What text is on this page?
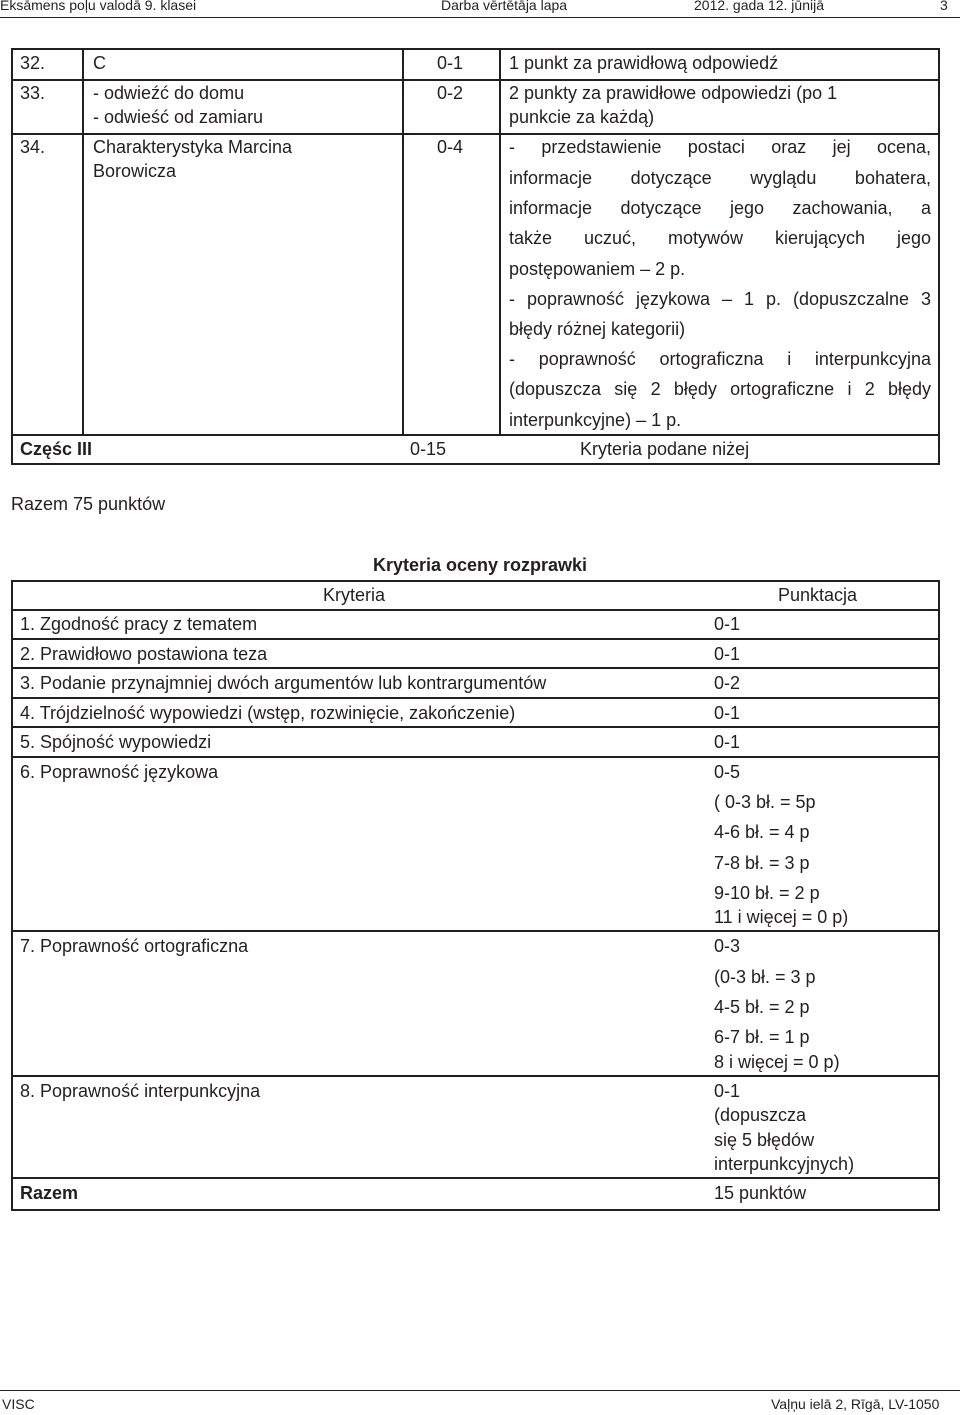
Eksāmens poļu valodā 9. klasei	Darba vērtētāja lapa	2012. gada 12. jūnijā	3
32.	C	0-1	1 punkt za prawidłową odpowiedź
33.	- odwieźć do domu
- odwieść od zamiaru
0-2	2 punkty za prawidłowe odpowiedzi (po 1
punkcie za każdą)
34.	Charakterystyka Marcina
Borowicza
0-4	- przedstawienie postaci oraz jej ocena,
informacje dotyczące wyglądu bohatera,
informacje dotyczące jego zachowania, a
także uczuć, motywów kierujących jego
postępowaniem – 2 p.
- poprawność językowa – 1 p. (dopuszczalne 3
błędy różnej kategorii)
- poprawność ortograficzna i interpunkcyjna
(dopuszcza się 2 błędy ortograficzne i 2 błędy
interpunkcyjne) – 1 p.
Częśc III	0-15	Kryteria podane niżej
Razem 75 punktów
Kryteria oceny rozprawki
Kryteria	Punktacja
1. Zgodność pracy z tematem	0-1
2. Prawidłowo postawiona teza	0-1
3. Podanie przynajmniej dwóch argumentów lub kontrargumentów	0-2
4. Trójdzielność wypowiedzi (wstęp, rozwinięcie, zakończenie)	0-1
5. Spójność wypowiedzi	0-1
6. Poprawność językowa	0-5
( 0-3 bł. = 5p
4-6 bł. = 4 p
7-8 bł. = 3 p
9-10 bł. = 2 p
11 i więcej = 0 p)
7. Poprawność ortograficzna	0-3
(0-3 bł. = 3 p
4-5 bł. = 2 p
6-7 bł. = 1 p
8 i więcej = 0 p)
8. Poprawność interpunkcyjna	0-1
(dopuszcza
się 5 błędów
interpunkcyjnych)
Razem	15 punktów
VISC	Vaļņu ielā 2, Rīgā, LV-1050
